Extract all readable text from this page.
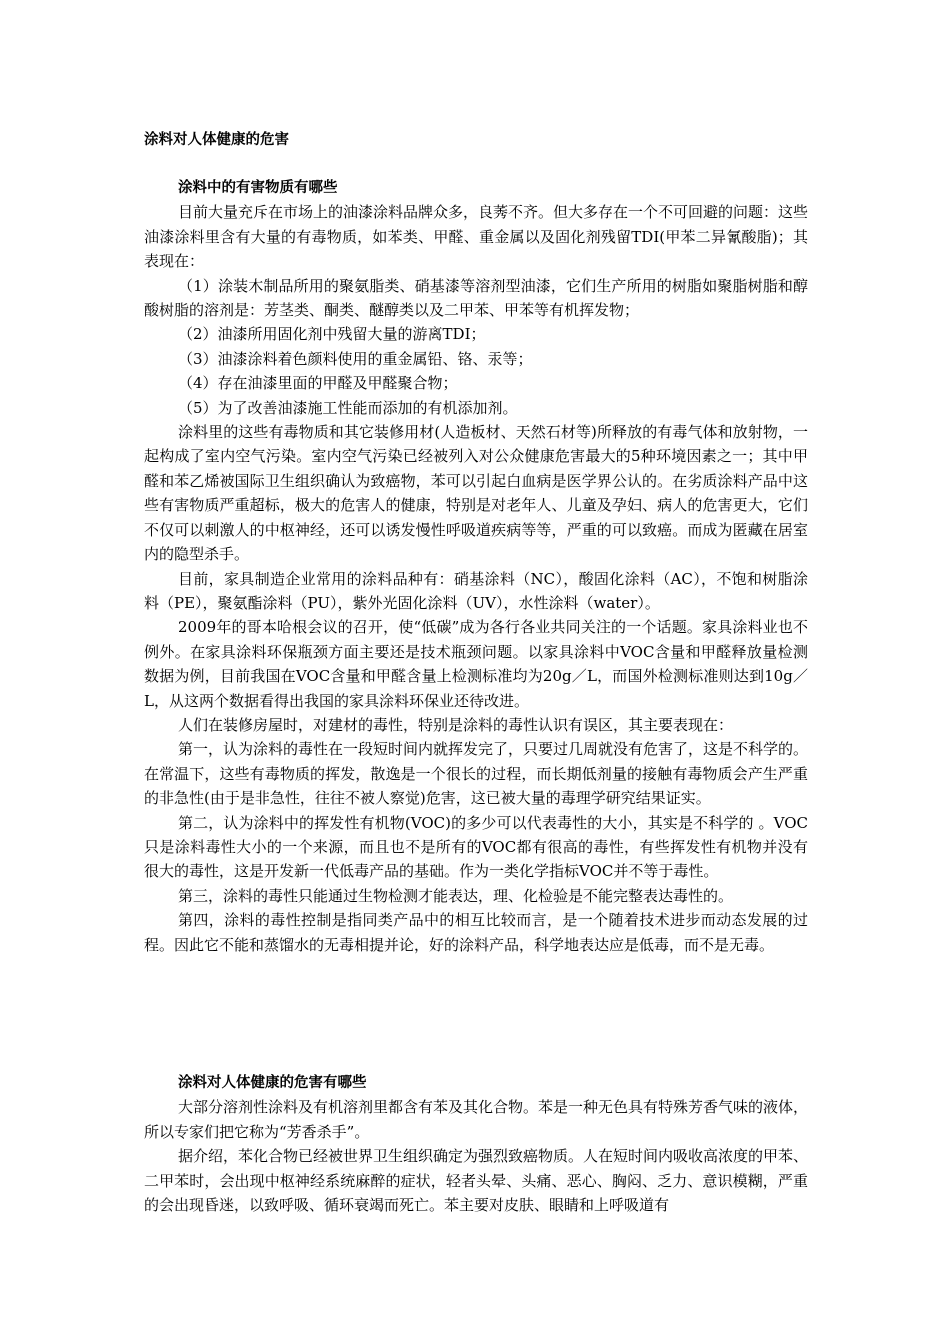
涂料对人体健康的危害
涂料中的有害物质有哪些

目前大量充斥在市场上的油漆涂料品牌众多，良莠不齐。但大多存在一个不可回避的问题：这些油漆涂料里含有大量的有毒物质，如苯类、甲醛、重金属以及固化剂残留TDI(甲苯二异氰酸脂)；其表现在：

（1）涂装木制品所用的聚氨脂类、硝基漆等溶剂型油漆，它们生产所用的树脂如聚脂树脂和醇酸树脂的溶剂是：芳茎类、酮类、醚醇类以及二甲苯、甲苯等有机挥发物；

（2）油漆所用固化剂中残留大量的游离TDI；

（3）油漆涂料着色颜料使用的重金属铅、铬、汞等；

（4）存在油漆里面的甲醛及甲醛聚合物；

（5）为了改善油漆施工性能而添加的有机添加剂。

涂料里的这些有毒物质和其它装修用材(人造板材、天然石材等)所释放的有毒气体和放射物，一起构成了室内空气污染。室内空气污染已经被列入对公众健康危害最大的5种环境因素之一；其中甲醛和苯乙烯被国际卫生组织确认为致癌物，苯可以引起白血病是医学界公认的。在劣质涂料产品中这些有害物质严重超标，极大的危害人的健康，特别是对老年人、儿童及孕妇、病人的危害更大，它们不仅可以刺激人的中枢神经，还可以诱发慢性呼吸道疾病等等，严重的可以致癌。而成为匿藏在居室内的隐型杀手。

目前，家具制造企业常用的涂料品种有：硝基涂料（NC），酸固化涂料（AC），不饱和树脂涂料（PE），聚氨酯涂料（PU），紫外光固化涂料（UV），水性涂料（water）。

2009年的哥本哈根会议的召开，使“低碳”成为各行各业共同关注的一个话题。家具涂料业也不例外。在家具涂料环保瓶颈方面主要还是技术瓶颈问题。以家具涂料中VOC含量和甲醛释放量检测数据为例，目前我国在VOC含量和甲醛含量上检测标准均为20g／L，而国外检测标准则达到10g／L，从这两个数据看得出我国的家具涂料环保业还待改进。

人们在装修房屋时，对建材的毒性，特别是涂料的毒性认识有误区，其主要表现在：

第一，认为涂料的毒性在一段短时间内就挥发完了，只要过几周就没有危害了，这是不科学的。在常温下，这些有毒物质的挥发，散逸是一个很长的过程，而长期低剂量的接触有毒物质会产生严重的非急性(由于是非急性，往往不被人察觉)危害，这已被大量的毒理学研究结果证实。

第二，认为涂料中的挥发性有机物(VOC)的多少可以代表毒性的大小，其实是不科学的 。VOC只是涂料毒性大小的一个来源，而且也不是所有的VOC都有很高的毒性，有些挥发性有机物并没有很大的毒性，这是开发新一代低毒产品的基础。作为一类化学指标VOC并不等于毒性。

第三，涂料的毒性只能通过生物检测才能表达，理、化检验是不能完整表达毒性的。

第四，涂料的毒性控制是指同类产品中的相互比较而言，是一个随着技术进步而动态发展的过程。因此它不能和蒸馏水的无毒相提并论，好的涂料产品，科学地表达应是低毒，而不是无毒。

涂料对人体健康的危害有哪些

大部分溶剂性涂料及有机溶剂里都含有苯及其化合物。苯是一种无色具有特殊芳香气味的液体，所以专家们把它称为“芳香杀手”。

据介绍，苯化合物已经被世界卫生组织确定为强烈致癌物质。人在短时间内吸收高浓度的甲苯、二甲苯时，会出现中枢神经系统麻醉的症状，轻者头晕、头痛、恶心、胸闷、乏力、意识模糊，严重的会出现昏迷，以致呼吸、循环衰竭而死亡。苯主要对皮肤、眼睛和上呼吸道有
